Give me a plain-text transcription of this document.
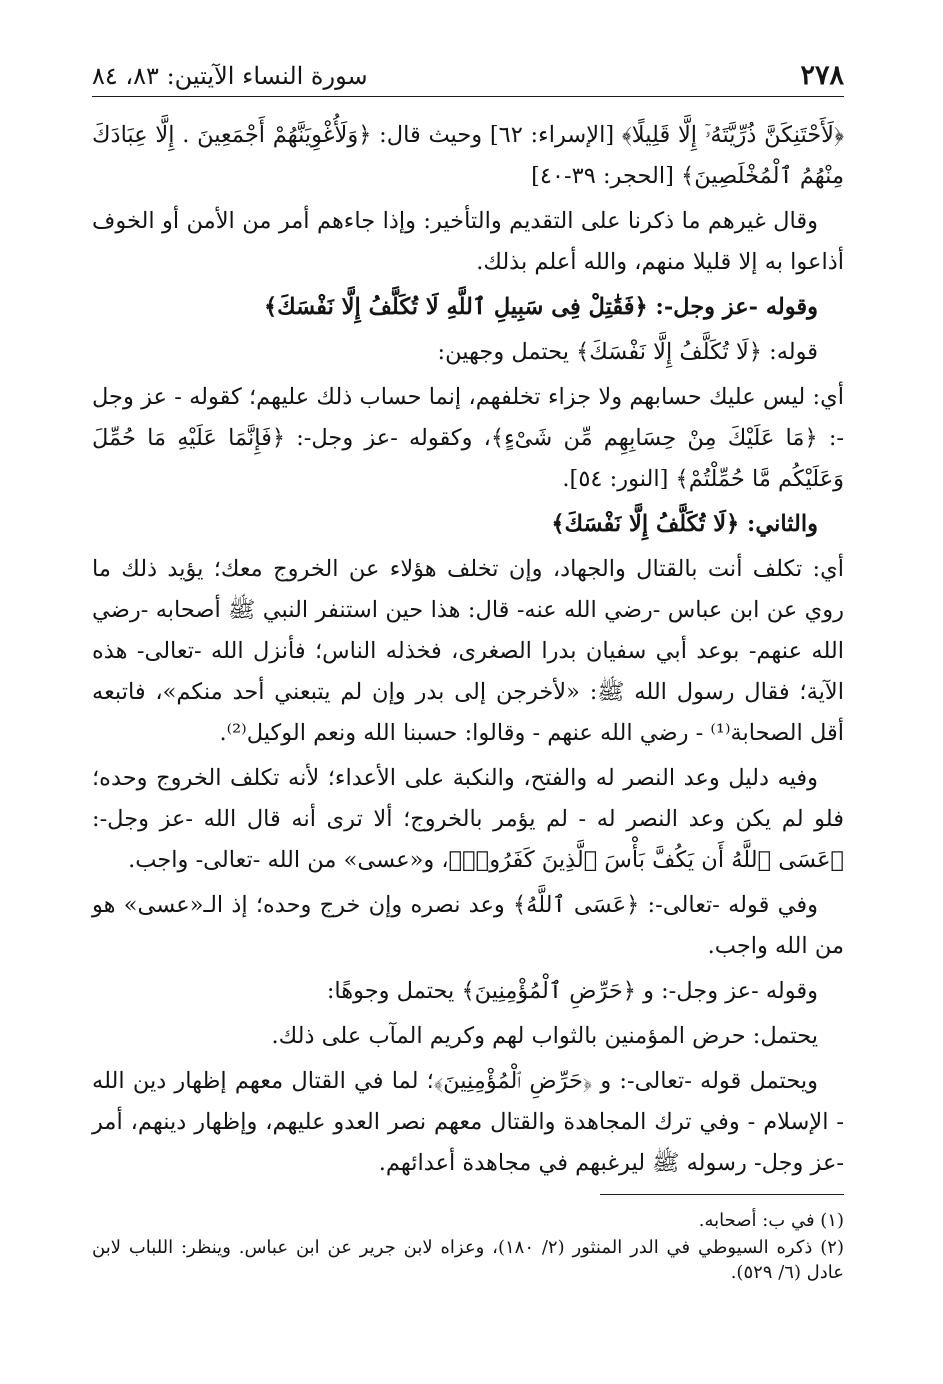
٢٧٨
سورة النساء الآيتين: ٨٣، ٨٤

﴿لَأَحْتَنِكَنَّ ذُرِّيَّتَهُۥٓ إِلَّا قَلِيلًا﴾ [الإسراء: ٦٢] وحيث قال: ﴿وَلَأُغْوِيَنَّهُمْ أَجْمَعِينَ . إِلَّا عِبَادَكَ مِنْهُمُ ٱلْمُخْلَصِينَ﴾ [الحجر: ٣٩-٤٠]

وقال غيرهم ما ذكرنا على التقديم والتأخير: وإذا جاءهم أمر من الأمن أو الخوف أذاعوا به إلا قليلا منهم، والله أعلم بذلك.

وقوله -عز وجل-: ﴿فَقَٰتِلْ فِى سَبِيلِ ٱللَّهِ لَا تُكَلَّفُ إِلَّا نَفْسَكَ﴾

قوله: ﴿لَا تُكَلَّفُ إِلَّا نَفْسَكَ﴾ يحتمل وجهين:

أي: ليس عليك حسابهم ولا جزاء تخلفهم، إنما حساب ذلك عليهم؛ كقوله - عز وجل -: ﴿مَا عَلَيْكَ مِنْ حِسَابِهِم مِّن شَىْءٍ﴾، وكقوله -عز وجل-: ﴿فَإِنَّمَا عَلَيْهِ مَا حُمِّلَ وَعَلَيْكُم مَّا حُمِّلْتُمْ﴾ [النور: ٥٤].

والثاني: ﴿لَا تُكَلَّفُ إِلَّا نَفْسَكَ﴾

أي: تكلف أنت بالقتال والجهاد، وإن تخلف هؤلاء عن الخروج معك؛ يؤيد ذلك ما روي عن ابن عباس -رضي الله عنه- قال: هذا حين استنفر النبي ﷺ أصحابه -رضي الله عنهم- بوعد أبي سفيان بدرا الصغرى، فخذله الناس؛ فأنزل الله -تعالى- هذه الآية؛ فقال رسول الله ﷺ: «لأخرجن إلى بدر وإن لم يتبعني أحد منكم»، فاتبعه أقل الصحابة⁽¹⁾ - رضي الله عنهم - وقالوا: حسبنا الله ونعم الوكيل⁽²⁾.

وفيه دليل وعد النصر له والفتح، والنكبة على الأعداء؛ لأنه تكلف الخروج وحده؛ فلو لم يكن وعد النصر له - لم يؤمر بالخروج؛ ألا ترى أنه قال الله -عز وجل-: ﴿عَسَى ٱللَّهُ أَن يَكُفَّ بَأْسَ ٱلَّذِينَ كَفَرُوا۟﴾، و«عسى» من الله -تعالى- واجب.

وفي قوله -تعالى-: ﴿عَسَى ٱللَّهُ﴾ وعد نصره وإن خرج وحده؛ إذ الـ«عسى» هو من الله واجب.

وقوله -عز وجل-: و ﴿حَرِّضِ ٱلْمُؤْمِنِينَ﴾ يحتمل وجوهًا:

يحتمل: حرض المؤمنين بالثواب لهم وكريم المآب على ذلك.

ويحتمل قوله -تعالى-: و ﴿حَرِّضِ ٱلْمُؤْمِنِينَ﴾؛ لما في القتال معهم إظهار دين الله - الإسلام - وفي ترك المجاهدة والقتال معهم نصر العدو عليهم، وإظهار دينهم، أمر -عز وجل- رسوله ﷺ ليرغبهم في مجاهدة أعدائهم.

(١) في ب: أصحابه.

(٢) ذكره السيوطي في الدر المنثور (٢/ ١٨٠)، وعزاه لابن جرير عن ابن عباس. وينظر: اللباب لابن عادل (٦/ ٥٢٩).
